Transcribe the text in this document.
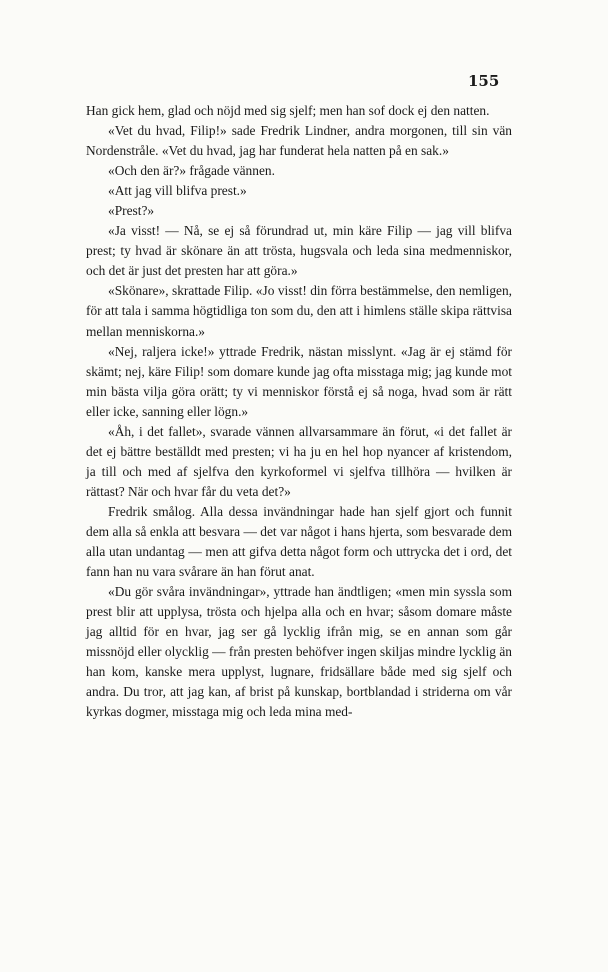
155

Han gick hem, glad och nöjd med sig sjelf; men han sof dock ej den natten.

«Vet du hvad, Filip!» sade Fredrik Lindner, andra morgonen, till sin vän Nordenstråle. «Vet du hvad, jag har funderat hela natten på en sak.»

«Och den är?» frågade vännen.

«Att jag vill blifva prest.»

«Prest?»

«Ja visst! — Nå, se ej så förundrad ut, min käre Filip — jag vill blifva prest; ty hvad är skönare än att trösta, hugsvala och leda sina medmenniskor, och det är just det presten har att göra.»

«Skönare», skrattade Filip. «Jo visst! din förra bestämmelse, den nemligen, för att tala i samma högtidliga ton som du, den att i himlens ställe skipa rättvisa mellan menniskorna.»

«Nej, raljera icke!» yttrade Fredrik, nästan misslynt. «Jag är ej stämd för skämt; nej, käre Filip! som domare kunde jag ofta misstaga mig; jag kunde mot min bästa vilja göra orätt; ty vi menniskor förstå ej så noga, hvad som är rätt eller icke, sanning eller lögn.»

«Åh, i det fallet», svarade vännen allvarsammare än förut, «i det fallet är det ej bättre beställdt med presten; vi ha ju en hel hop nyancer af kristendom, ja till och med af sjelfva den kyrkoformel vi sjelfva tillhöra — hvilken är rättast? När och hvar får du veta det?»

Fredrik smålog. Alla dessa invändningar hade han sjelf gjort och funnit dem alla så enkla att besvara — det var något i hans hjerta, som besvarade dem alla utan undantag — men att gifva detta något form och uttrycka det i ord, det fann han nu vara svårare än han förut anat.

«Du gör svåra invändningar», yttrade han ändtligen; «men min syssla som prest blir att upplysa, trösta och hjelpa alla och en hvar; såsom domare måste jag alltid för en hvar, jag ser gå lycklig ifrån mig, se en annan som går missnöjd eller olycklig — från presten behöfver ingen skiljas mindre lycklig än han kom, kanske mera upplyst, lugnare, fridsällare både med sig sjelf och andra. Du tror, att jag kan, af brist på kunskap, bortblandad i striderna om vår kyrkas dogmer, misstaga mig och leda mina med-
